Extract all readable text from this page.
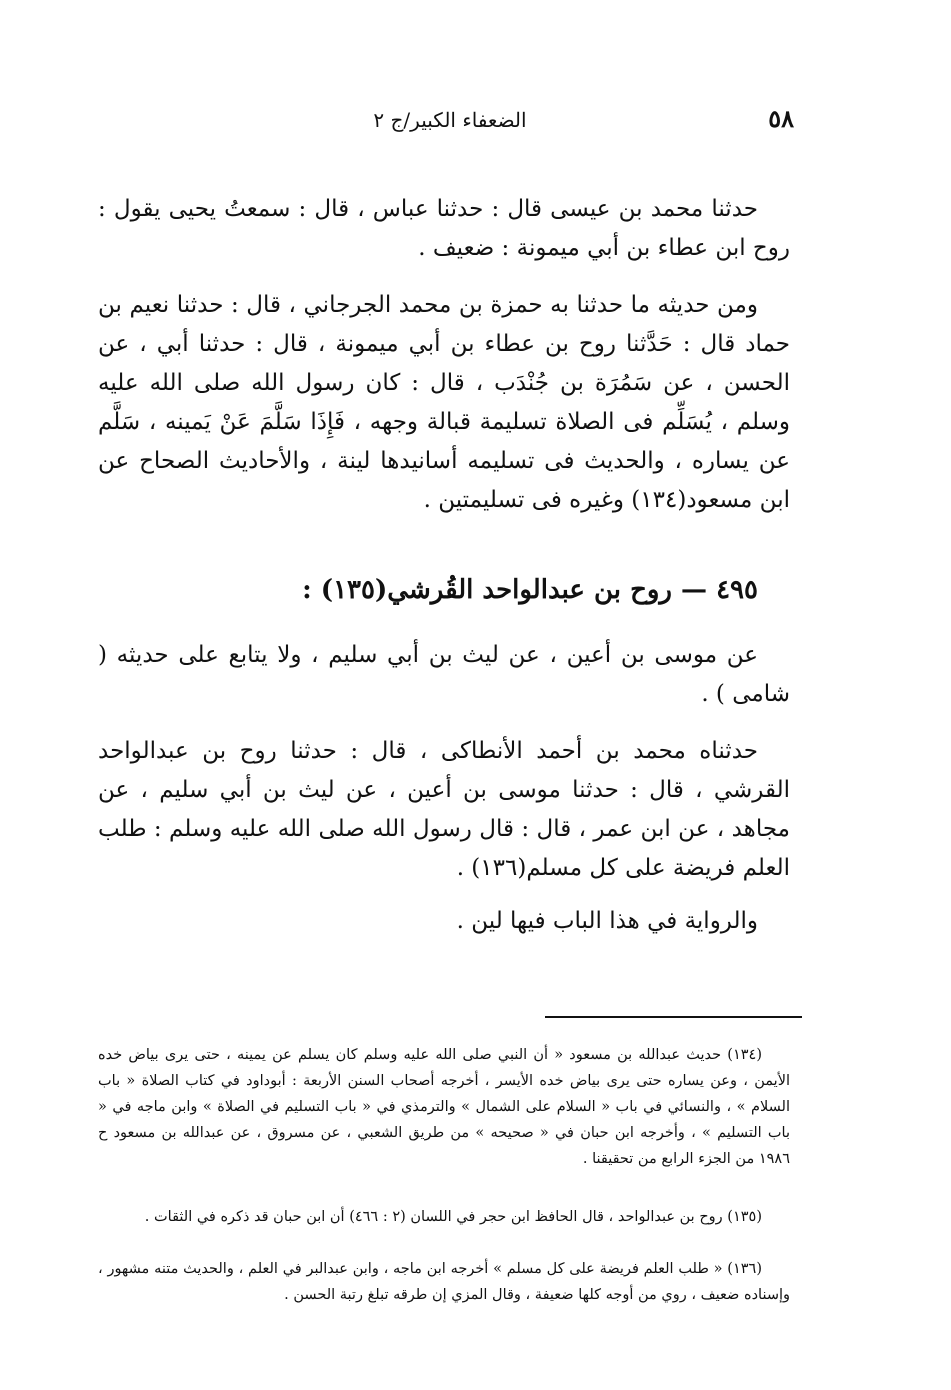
٥٨
الضعفاء الكبير/ج ٢

حدثنا محمد بن عيسى قال : حدثنا عباس ، قال : سمعتُ يحيى يقول : روح ابن عطاء بن أبي ميمونة : ضعيف .

ومن حديثه ما حدثنا به حمزة بن محمد الجرجاني ، قال : حدثنا نعيم بن حماد قال : حَدَّثنا روح بن عطاء بن أبي ميمونة ، قال : حدثنا أبي ، عن الحسن ، عن سَمُرَة بن جُنْدَب ، قال : كان رسول الله صلى الله عليه وسلم ، يُسَلِّم فى الصلاة تسليمة قبالة وجهه ، فَإِذَا سَلَّمَ عَنْ يَمينه ، سَلَّم عن يساره ، والحديث فى تسليمه أسانيدها لينة ، والأحاديث الصحاح عن ابن مسعود(١٣٤) وغيره فى تسليمتين .

٤٩٥ — روح بن عبدالواحد القُرشي(١٣٥) :

عن موسى بن أعين ، عن ليث بن أبي سليم ، ولا يتابع على حديثه ( شامى ) .

حدثناه محمد بن أحمد الأنطاكى ، قال : حدثنا روح بن عبدالواحد القرشي ، قال : حدثنا موسى بن أعين ، عن ليث بن أبي سليم ، عن مجاهد ، عن ابن عمر ، قال : قال رسول الله صلى الله عليه وسلم : طلب العلم فريضة على كل مسلم(١٣٦) .

والرواية في هذا الباب فيها لين .

(١٣٤) حديث عبدالله بن مسعود « أن النبي صلى الله عليه وسلم كان يسلم عن يمينه ، حتى يرى بياض خده الأيمن ، وعن يساره حتى يرى بياض خده الأيسر ، أخرجه أصحاب السنن الأربعة : أبوداود في كتاب الصلاة « باب السلام » ، والنسائي في باب « السلام على الشمال » والترمذي في « باب التسليم في الصلاة » وابن ماجه في « باب التسليم » ، وأخرجه ابن حبان في « صحيحه » من طريق الشعبي ، عن مسروق ، عن عبدالله بن مسعود ح ١٩٨٦ من الجزء الرابع من تحقيقنا .

(١٣٥) روح بن عبدالواحد ، قال الحافظ ابن حجر في اللسان (٢ : ٤٦٦) أن ابن حبان قد ذكره في الثقات .

(١٣٦) « طلب العلم فريضة على كل مسلم » أخرجه ابن ماجه ، وابن عبدالبر في العلم ، والحديث متنه مشهور ، وإسناده ضعيف ، روي من أوجه كلها ضعيفة ، وقال المزي إن طرقه تبلغ رتبة الحسن .
